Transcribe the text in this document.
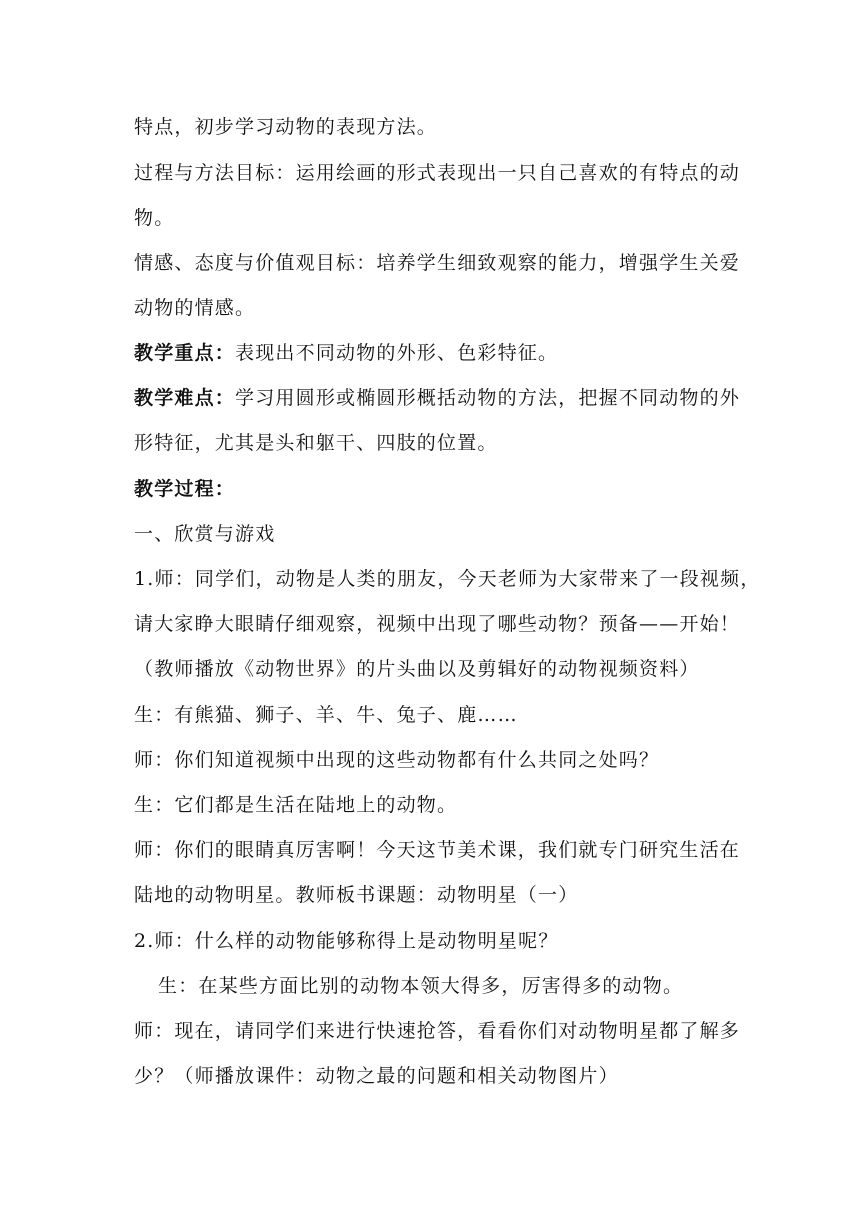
特点，初步学习动物的表现方法。
过程与方法目标：运用绘画的形式表现出一只自己喜欢的有特点的动
物。
情感、态度与价值观目标：培养学生细致观察的能力，增强学生关爱
动物的情感。
教学重点：表现出不同动物的外形、色彩特征。
教学难点：学习用圆形或椭圆形概括动物的方法，把握不同动物的外
形特征，尤其是头和躯干、四肢的位置。
教学过程：
一、欣赏与游戏
1.师：同学们，动物是人类的朋友，今天老师为大家带来了一段视频，
请大家睁大眼睛仔细观察，视频中出现了哪些动物？预备——开始！
（教师播放《动物世界》的片头曲以及剪辑好的动物视频资料）
生：有熊猫、狮子、羊、牛、兔子、鹿……
师：你们知道视频中出现的这些动物都有什么共同之处吗？
生：它们都是生活在陆地上的动物。
师：你们的眼睛真厉害啊！今天这节美术课，我们就专门研究生活在
陆地的动物明星。教师板书课题：动物明星（一）
2.师：什么样的动物能够称得上是动物明星呢？
生：在某些方面比别的动物本领大得多，厉害得多的动物。
师：现在，请同学们来进行快速抢答，看看你们对动物明星都了解多
少？（师播放课件：动物之最的问题和相关动物图片）
